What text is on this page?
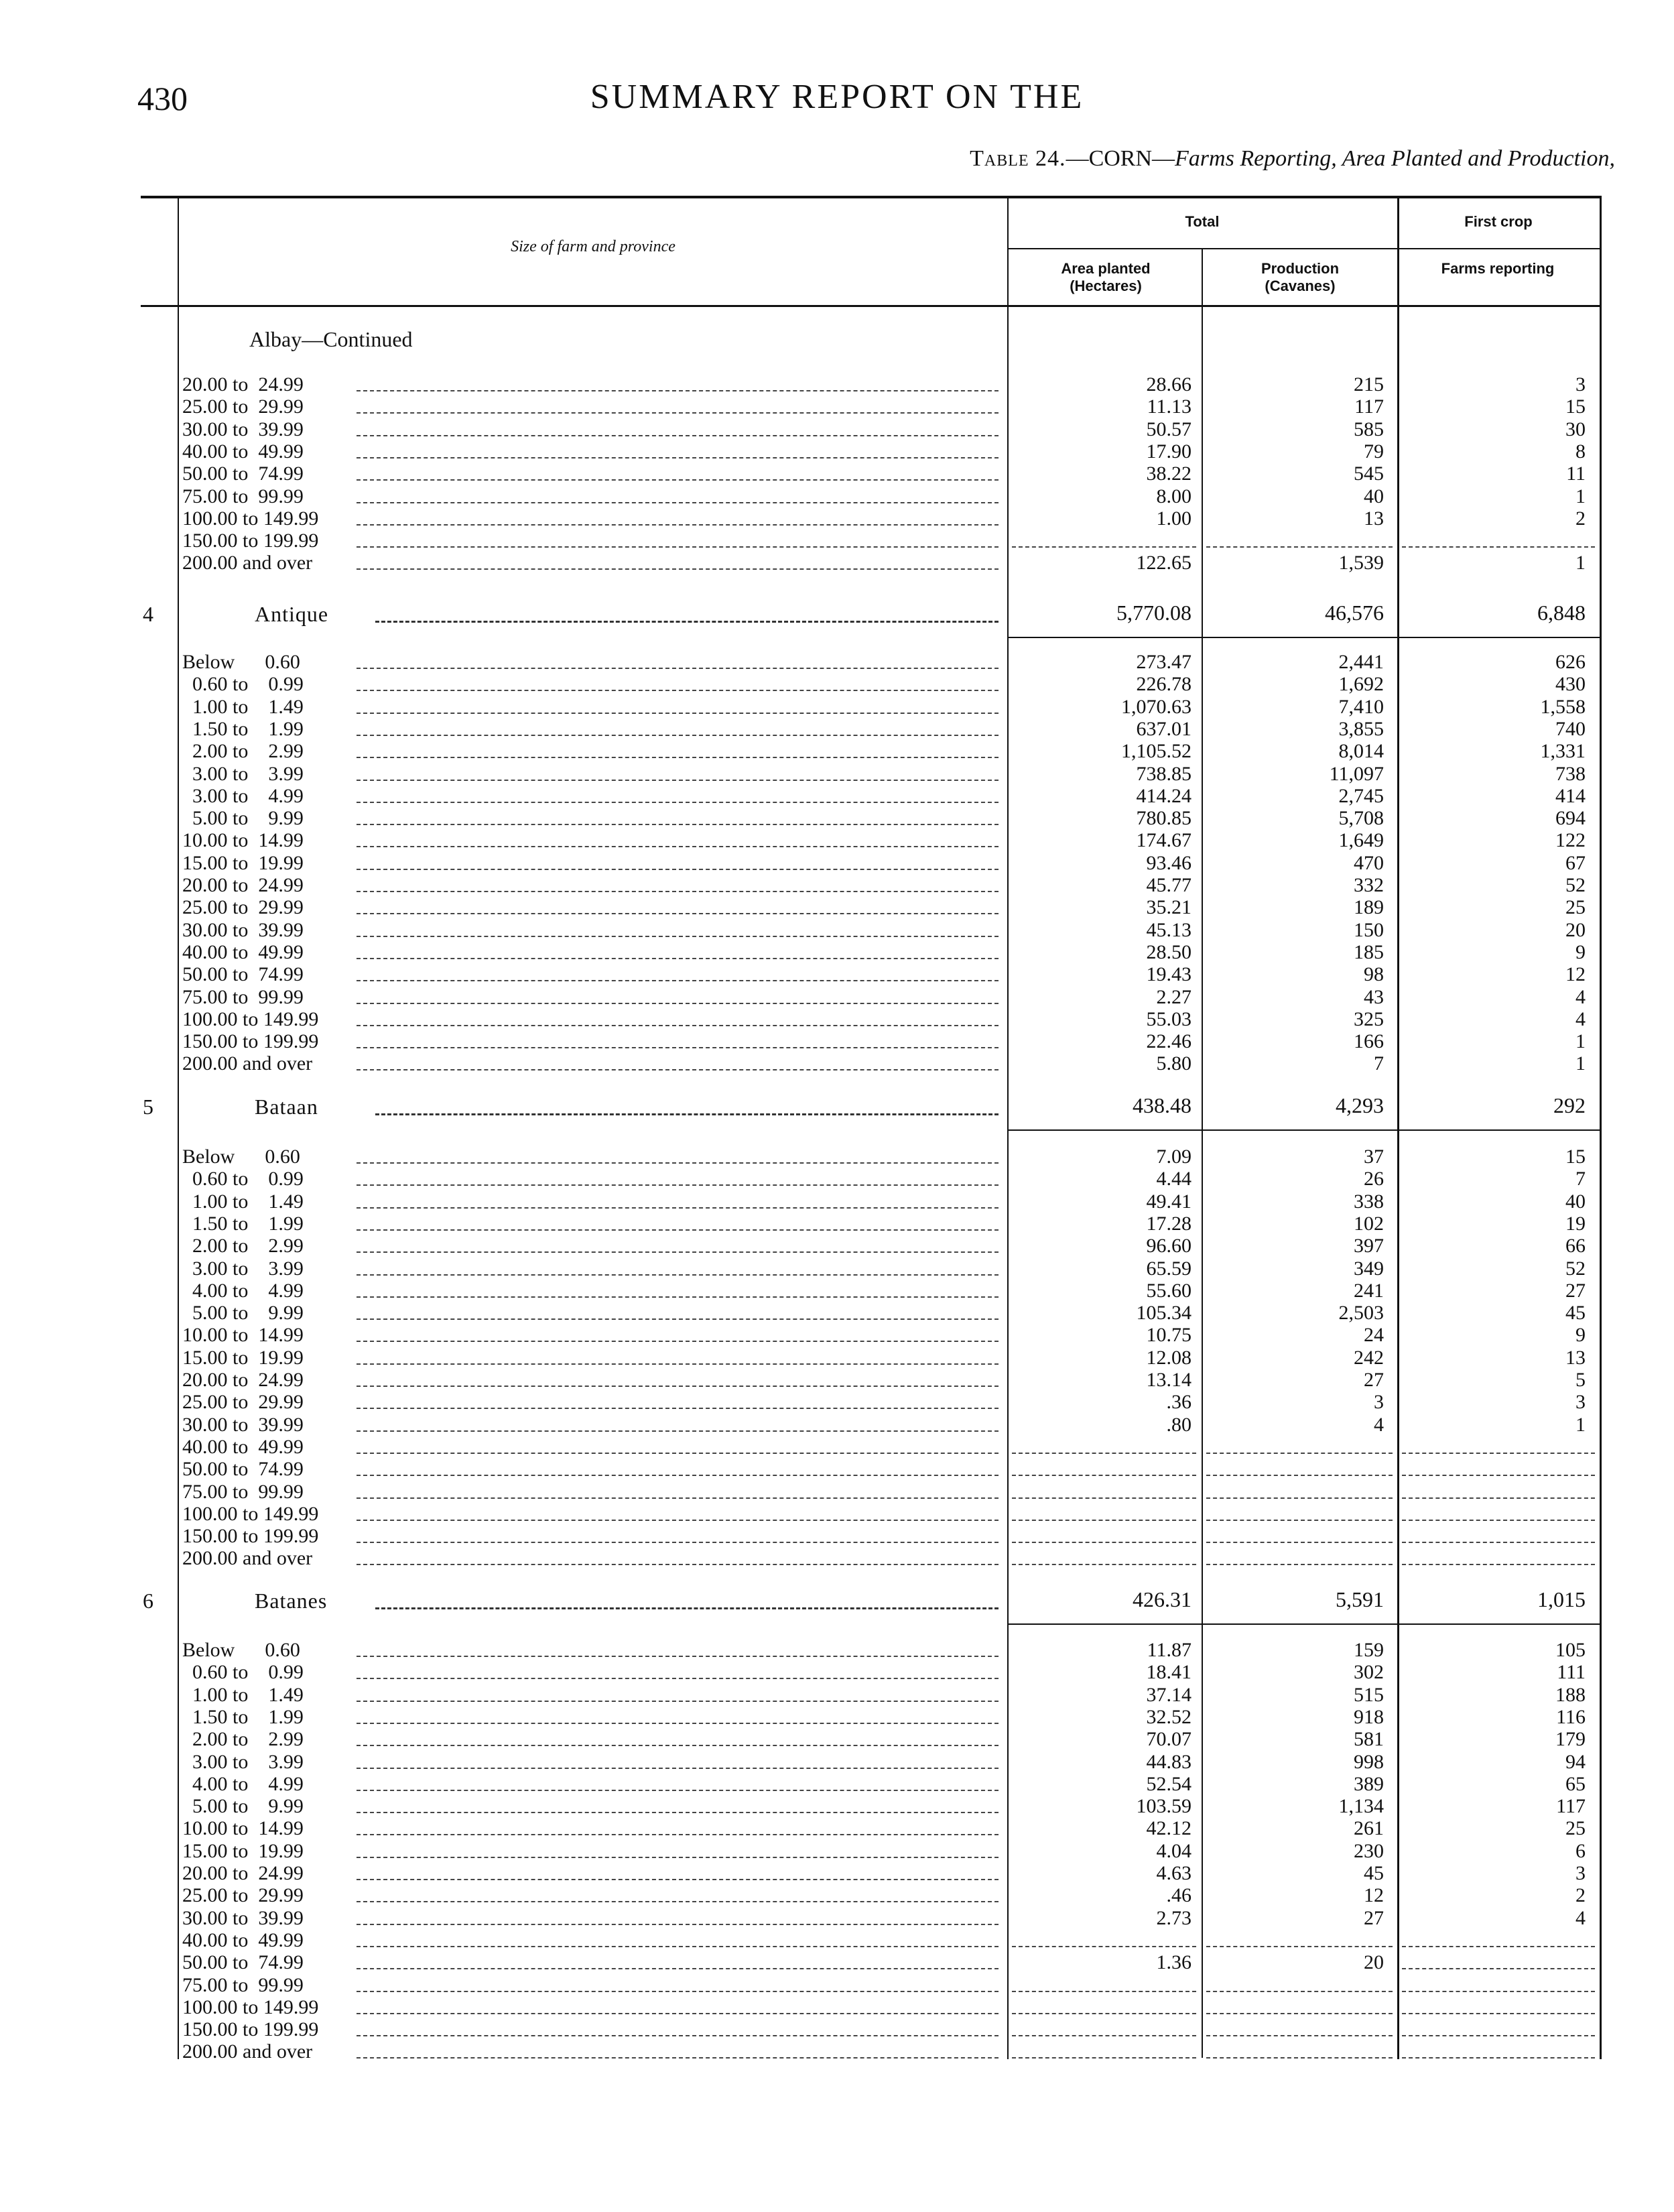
430	SUMMARY REPORT ON THE
Table 24.—CORN—Farms Reporting, Area Planted and Production,
Size of farm and province
Total	First crop
Area planted (Hectares)
Production (Cavanes)
Farms reporting
Albay—Continued
20.00 to  24.99	28.66	215	3
25.00 to  29.99	11.13	117	15
30.00 to  39.99	50.57	585	30
40.00 to  49.99	17.90	79	8
50.00 to  74.99	38.22	545	11
75.00 to  99.99	8.00	40	1
100.00 to 149.99	1.00	13	2
150.00 to 199.99
200.00 and over	122.65	1,539	1
4	Antique	5,770.08	46,576	6,848
Below      0.60	273.47	2,441	626
0.60 to    0.99	226.78	1,692	430
1.00 to    1.49	1,070.63	7,410	1,558
1.50 to    1.99	637.01	3,855	740
2.00 to    2.99	1,105.52	8,014	1,331
3.00 to    3.99	738.85	11,097	738
3.00 to    4.99	414.24	2,745	414
5.00 to    9.99	780.85	5,708	694
10.00 to  14.99	174.67	1,649	122
15.00 to  19.99	93.46	470	67
20.00 to  24.99	45.77	332	52
25.00 to  29.99	35.21	189	25
30.00 to  39.99	45.13	150	20
40.00 to  49.99	28.50	185	9
50.00 to  74.99	19.43	98	12
75.00 to  99.99	2.27	43	4
100.00 to 149.99	55.03	325	4
150.00 to 199.99	22.46	166	1
200.00 and over	5.80	7	1
5	Bataan	438.48	4,293	292
Below      0.60	7.09	37	15
0.60 to    0.99	4.44	26	7
1.00 to    1.49	49.41	338	40
1.50 to    1.99	17.28	102	19
2.00 to    2.99	96.60	397	66
3.00 to    3.99	65.59	349	52
4.00 to    4.99	55.60	241	27
5.00 to    9.99	105.34	2,503	45
10.00 to  14.99	10.75	24	9
15.00 to  19.99	12.08	242	13
20.00 to  24.99	13.14	27	5
25.00 to  29.99	.36	3	3
30.00 to  39.99	.80	4	1
40.00 to  49.99
50.00 to  74.99
75.00 to  99.99
100.00 to 149.99
150.00 to 199.99
200.00 and over
6	Batanes	426.31	5,591	1,015
Below      0.60	11.87	159	105
0.60 to    0.99	18.41	302	111
1.00 to    1.49	37.14	515	188
1.50 to    1.99	32.52	918	116
2.00 to    2.99	70.07	581	179
3.00 to    3.99	44.83	998	94
4.00 to    4.99	52.54	389	65
5.00 to    9.99	103.59	1,134	117
10.00 to  14.99	42.12	261	25
15.00 to  19.99	4.04	230	6
20.00 to  24.99	4.63	45	3
25.00 to  29.99	.46	12	2
30.00 to  39.99	2.73	27	4
40.00 to  49.99
50.00 to  74.99	1.36	20
75.00 to  99.99
100.00 to 149.99
150.00 to 199.99
200.00 and over
